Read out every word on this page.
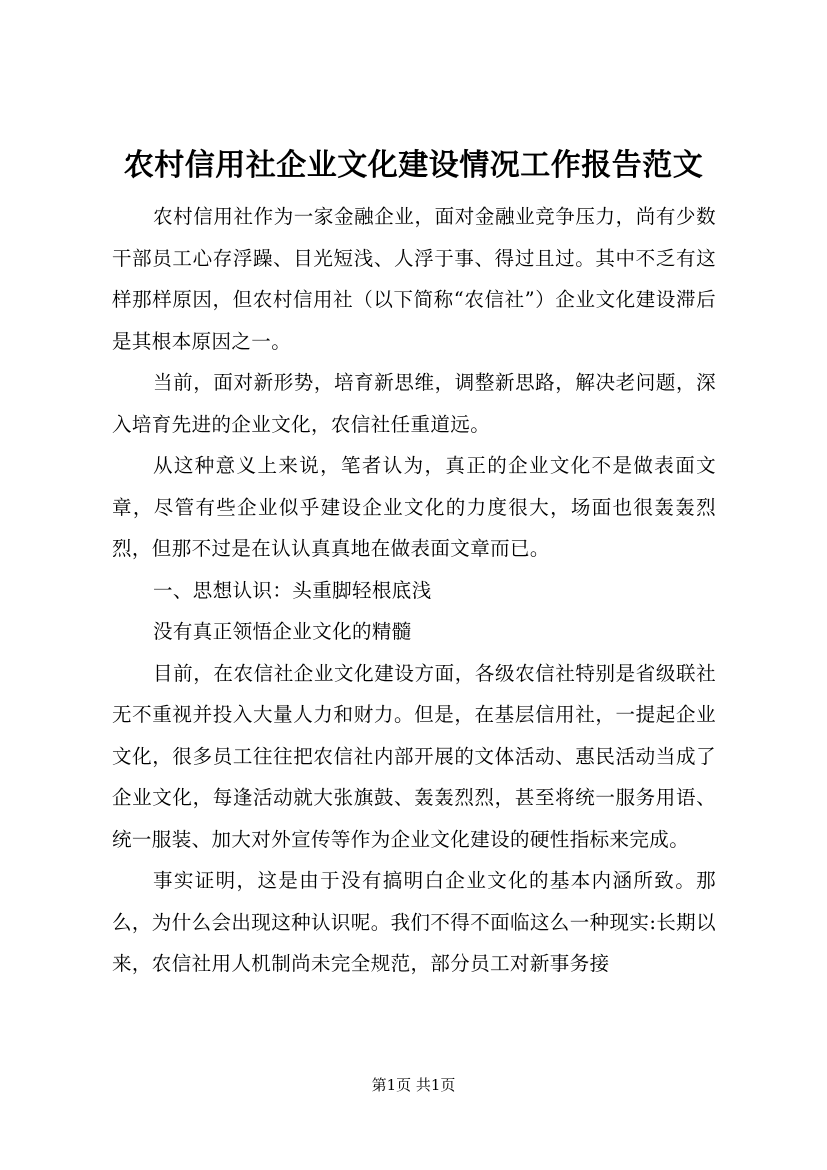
农村信用社企业文化建设情况工作报告范文

农村信用社作为一家金融企业，面对金融业竞争压力，尚有少数干部员工心存浮躁、目光短浅、人浮于事、得过且过。其中不乏有这样那样原因，但农村信用社（以下简称“农信社”）企业文化建设滞后是其根本原因之一。

当前，面对新形势，培育新思维，调整新思路，解决老问题，深入培育先进的企业文化，农信社任重道远。

从这种意义上来说，笔者认为，真正的企业文化不是做表面文章，尽管有些企业似乎建设企业文化的力度很大，场面也很轰轰烈烈，但那不过是在认认真真地在做表面文章而已。

一、思想认识：头重脚轻根底浅

没有真正领悟企业文化的精髓

目前，在农信社企业文化建设方面，各级农信社特别是省级联社无不重视并投入大量人力和财力。但是，在基层信用社，一提起企业文化，很多员工往往把农信社内部开展的文体活动、惠民活动当成了企业文化，每逢活动就大张旗鼓、轰轰烈烈，甚至将统一服务用语、统一服装、加大对外宣传等作为企业文化建设的硬性指标来完成。

事实证明，这是由于没有搞明白企业文化的基本内涵所致。那么，为什么会出现这种认识呢。我们不得不面临这么一种现实:长期以来，农信社用人机制尚未完全规范，部分员工对新事务接

第1页 共1页
